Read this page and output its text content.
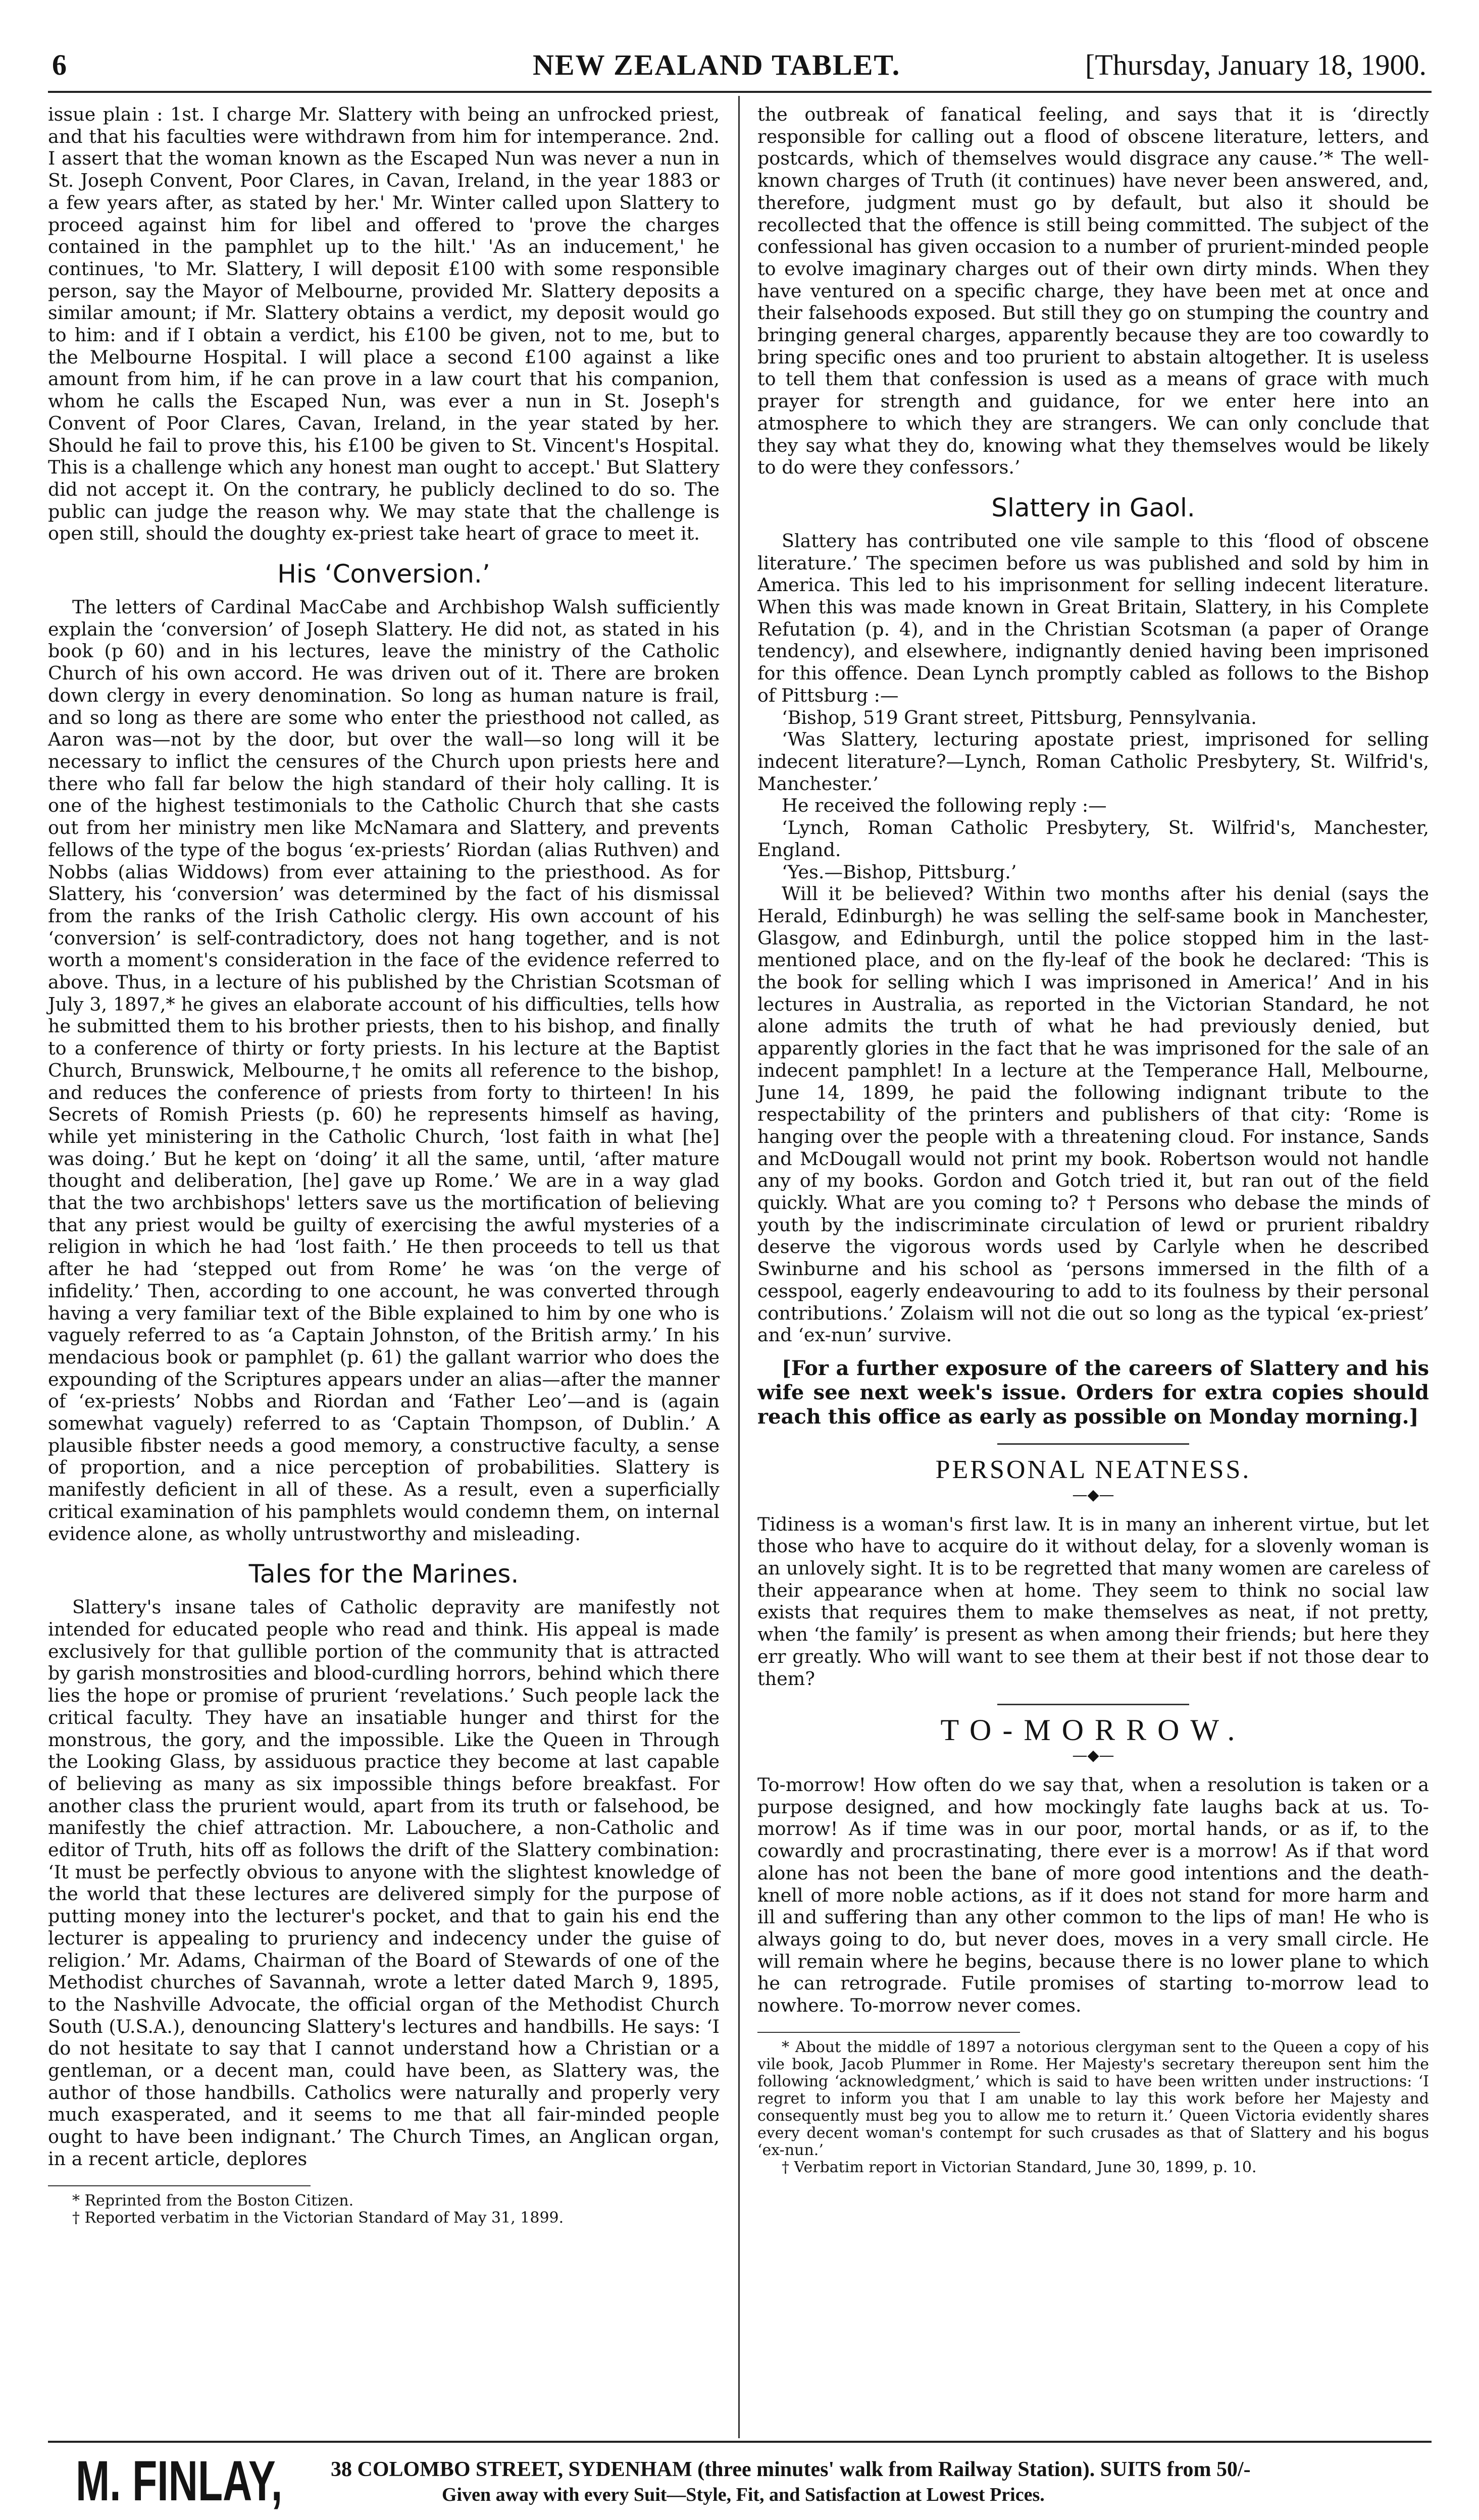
6	NEW ZEALAND TABLET.	[Thursday, January 18, 1900.

issue plain : 1st. I charge Mr. Slattery with being an unfrocked priest, and that his faculties were withdrawn from him for intemperance. 2nd. I assert that the woman known as the Escaped Nun was never a nun in St. Joseph Convent, Poor Clares, in Cavan, Ireland, in the year 1883 or a few years after, as stated by her.' Mr. Winter called upon Slattery to proceed against him for libel and offered to 'prove the charges contained in the pamphlet up to the hilt.' 'As an inducement,' he continues, 'to Mr. Slattery, I will deposit £100 with some responsible person, say the Mayor of Melbourne, provided Mr. Slattery deposits a similar amount; if Mr. Slattery obtains a verdict, my deposit would go to him: and if I obtain a verdict, his £100 be given, not to me, but to the Melbourne Hospital. I will place a second £100 against a like amount from him, if he can prove in a law court that his companion, whom he calls the Escaped Nun, was ever a nun in St. Joseph's Convent of Poor Clares, Cavan, Ireland, in the year stated by her. Should he fail to prove this, his £100 be given to St. Vincent's Hospital. This is a challenge which any honest man ought to accept.' But Slattery did not accept it. On the contrary, he publicly declined to do so. The public can judge the reason why. We may state that the challenge is open still, should the doughty ex-priest take heart of grace to meet it.

His ‘Conversion.’

The letters of Cardinal MacCabe and Archbishop Walsh sufficiently explain the ‘conversion’ of Joseph Slattery. He did not, as stated in his book (p 60) and in his lectures, leave the ministry of the Catholic Church of his own accord. He was driven out of it. There are broken down clergy in every denomination. So long as human nature is frail, and so long as there are some who enter the priesthood not called, as Aaron was—not by the door, but over the wall—so long will it be necessary to inflict the censures of the Church upon priests here and there who fall far below the high standard of their holy calling. It is one of the highest testimonials to the Catholic Church that she casts out from her ministry men like McNamara and Slattery, and prevents fellows of the type of the bogus ‘ex-priests’ Riordan (alias Ruthven) and Nobbs (alias Widdows) from ever attaining to the priesthood. As for Slattery, his ‘conversion’ was determined by the fact of his dismissal from the ranks of the Irish Catholic clergy. His own account of his ‘conversion’ is self-contradictory, does not hang together, and is not worth a moment's consideration in the face of the evidence referred to above. Thus, in a lecture of his published by the Christian Scotsman of July 3, 1897,* he gives an elaborate account of his difficulties, tells how he submitted them to his brother priests, then to his bishop, and finally to a conference of thirty or forty priests. In his lecture at the Baptist Church, Brunswick, Melbourne,† he omits all reference to the bishop, and reduces the conference of priests from forty to thirteen! In his Secrets of Romish Priests (p. 60) he represents himself as having, while yet ministering in the Catholic Church, ‘lost faith in what [he] was doing.’ But he kept on ‘doing’ it all the same, until, ‘after mature thought and deliberation, [he] gave up Rome.’ We are in a way glad that the two archbishops' letters save us the mortification of believing that any priest would be guilty of exercising the awful mysteries of a religion in which he had ‘lost faith.’ He then proceeds to tell us that after he had ‘stepped out from Rome’ he was ‘on the verge of infidelity.’ Then, according to one account, he was converted through having a very familiar text of the Bible explained to him by one who is vaguely referred to as ‘a Captain Johnston, of the British army.’ In his mendacious book or pamphlet (p. 61) the gallant warrior who does the expounding of the Scriptures appears under an alias—after the manner of ‘ex-priests’ Nobbs and Riordan and ‘Father Leo’—and is (again somewhat vaguely) referred to as ‘Captain Thompson, of Dublin.’ A plausible fibster needs a good memory, a constructive faculty, a sense of proportion, and a nice perception of probabilities. Slattery is manifestly deficient in all of these. As a result, even a superficially critical examination of his pamphlets would condemn them, on internal evidence alone, as wholly untrustworthy and misleading.

Tales for the Marines.

Slattery's insane tales of Catholic depravity are manifestly not intended for educated people who read and think. His appeal is made exclusively for that gullible portion of the community that is attracted by garish monstrosities and blood-curdling horrors, behind which there lies the hope or promise of prurient ‘revelations.’ Such people lack the critical faculty. They have an insatiable hunger and thirst for the monstrous, the gory, and the impossible. Like the Queen in Through the Looking Glass, by assiduous practice they become at last capable of believing as many as six impossible things before breakfast. For another class the prurient would, apart from its truth or falsehood, be manifestly the chief attraction. Mr. Labouchere, a non-Catholic and editor of Truth, hits off as follows the drift of the Slattery combination: ‘It must be perfectly obvious to anyone with the slightest knowledge of the world that these lectures are delivered simply for the purpose of putting money into the lecturer's pocket, and that to gain his end the lecturer is appealing to pruriency and indecency under the guise of religion.’ Mr. Adams, Chairman of the Board of Stewards of one of the Methodist churches of Savannah, wrote a letter dated March 9, 1895, to the Nashville Advocate, the official organ of the Methodist Church South (U.S.A.), denouncing Slattery's lectures and handbills. He says: ‘I do not hesitate to say that I cannot understand how a Christian or a gentleman, or a decent man, could have been, as Slattery was, the author of those handbills. Catholics were naturally and properly very much exasperated, and it seems to me that all fair-minded people ought to have been indignant.’ The Church Times, an Anglican organ, in a recent article, deplores

* Reprinted from the Boston Citizen.

† Reported verbatim in the Victorian Standard of May 31, 1899.

the outbreak of fanatical feeling, and says that it is ‘directly responsible for calling out a flood of obscene literature, letters, and postcards, which of themselves would disgrace any cause.’* The well-known charges of Truth (it continues) have never been answered, and, therefore, judgment must go by default, but also it should be recollected that the offence is still being committed. The subject of the confessional has given occasion to a number of prurient-minded people to evolve imaginary charges out of their own dirty minds. When they have ventured on a specific charge, they have been met at once and their falsehoods exposed. But still they go on stumping the country and bringing general charges, apparently because they are too cowardly to bring specific ones and too prurient to abstain altogether. It is useless to tell them that confession is used as a means of grace with much prayer for strength and guidance, for we enter here into an atmosphere to which they are strangers. We can only conclude that they say what they do, knowing what they themselves would be likely to do were they confessors.’

Slattery in Gaol.

Slattery has contributed one vile sample to this ‘flood of obscene literature.’ The specimen before us was published and sold by him in America. This led to his imprisonment for selling indecent literature. When this was made known in Great Britain, Slattery, in his Complete Refutation (p. 4), and in the Christian Scotsman (a paper of Orange tendency), and elsewhere, indignantly denied having been imprisoned for this offence. Dean Lynch promptly cabled as follows to the Bishop of Pittsburg :—

‘Bishop, 519 Grant street, Pittsburg, Pennsylvania.

‘Was Slattery, lecturing apostate priest, imprisoned for selling indecent literature?—Lynch, Roman Catholic Presbytery, St. Wilfrid's, Manchester.’

He received the following reply :—

‘Lynch, Roman Catholic Presbytery, St. Wilfrid's, Manchester, England.

‘Yes.—Bishop, Pittsburg.’

Will it be believed? Within two months after his denial (says the Herald, Edinburgh) he was selling the self-same book in Manchester, Glasgow, and Edinburgh, until the police stopped him in the last-mentioned place, and on the fly-leaf of the book he declared: ‘This is the book for selling which I was imprisoned in America!’ And in his lectures in Australia, as reported in the Victorian Standard, he not alone admits the truth of what he had previously denied, but apparently glories in the fact that he was imprisoned for the sale of an indecent pamphlet! In a lecture at the Temperance Hall, Melbourne, June 14, 1899, he paid the following indignant tribute to the respectability of the printers and publishers of that city: ‘Rome is hanging over the people with a threatening cloud. For instance, Sands and McDougall would not print my book. Robertson would not handle any of my books. Gordon and Gotch tried it, but ran out of the field quickly. What are you coming to? † Persons who debase the minds of youth by the indiscriminate circulation of lewd or prurient ribaldry deserve the vigorous words used by Carlyle when he described Swinburne and his school as ‘persons immersed in the filth of a cesspool, eagerly endeavouring to add to its foulness by their personal contributions.’ Zolaism will not die out so long as the typical ‘ex-priest’ and ‘ex-nun’ survive.

[For a further exposure of the careers of Slattery and his wife see next week's issue. Orders for extra copies should reach this office as early as possible on Monday morning.]

PERSONAL NEATNESS.
—◆—

Tidiness is a woman's first law. It is in many an inherent virtue, but let those who have to acquire do it without delay, for a slovenly woman is an unlovely sight. It is to be regretted that many women are careless of their appearance when at home. They seem to think no social law exists that requires them to make themselves as neat, if not pretty, when ‘the family’ is present as when among their friends; but here they err greatly. Who will want to see them at their best if not those dear to them?

TO-MORROW.
—◆—

To-morrow! How often do we say that, when a resolution is taken or a purpose designed, and how mockingly fate laughs back at us. To-morrow! As if time was in our poor, mortal hands, or as if, to the cowardly and procrastinating, there ever is a morrow! As if that word alone has not been the bane of more good intentions and the death-knell of more noble actions, as if it does not stand for more harm and ill and suffering than any other common to the lips of man! He who is always going to do, but never does, moves in a very small circle. He will remain where he begins, because there is no lower plane to which he can retrograde. Futile promises of starting to-morrow lead to nowhere. To-morrow never comes.

* About the middle of 1897 a notorious clergyman sent to the Queen a copy of his vile book, Jacob Plummer in Rome. Her Majesty's secretary thereupon sent him the following ‘acknowledgment,’ which is said to have been written under instructions: ‘I regret to inform you that I am unable to lay this work before her Majesty and consequently must beg you to allow me to return it.’ Queen Victoria evidently shares every decent woman's contempt for such crusades as that of Slattery and his bogus ‘ex-nun.’

† Verbatim report in Victorian Standard, June 30, 1899, p. 10.

M. FINLAY, 38 COLOMBO STREET, SYDENHAM (three minutes' walk from Railway Station). SUITS from 50/-
Given away with every Suit—Style, Fit, and Satisfaction at Lowest Prices.
